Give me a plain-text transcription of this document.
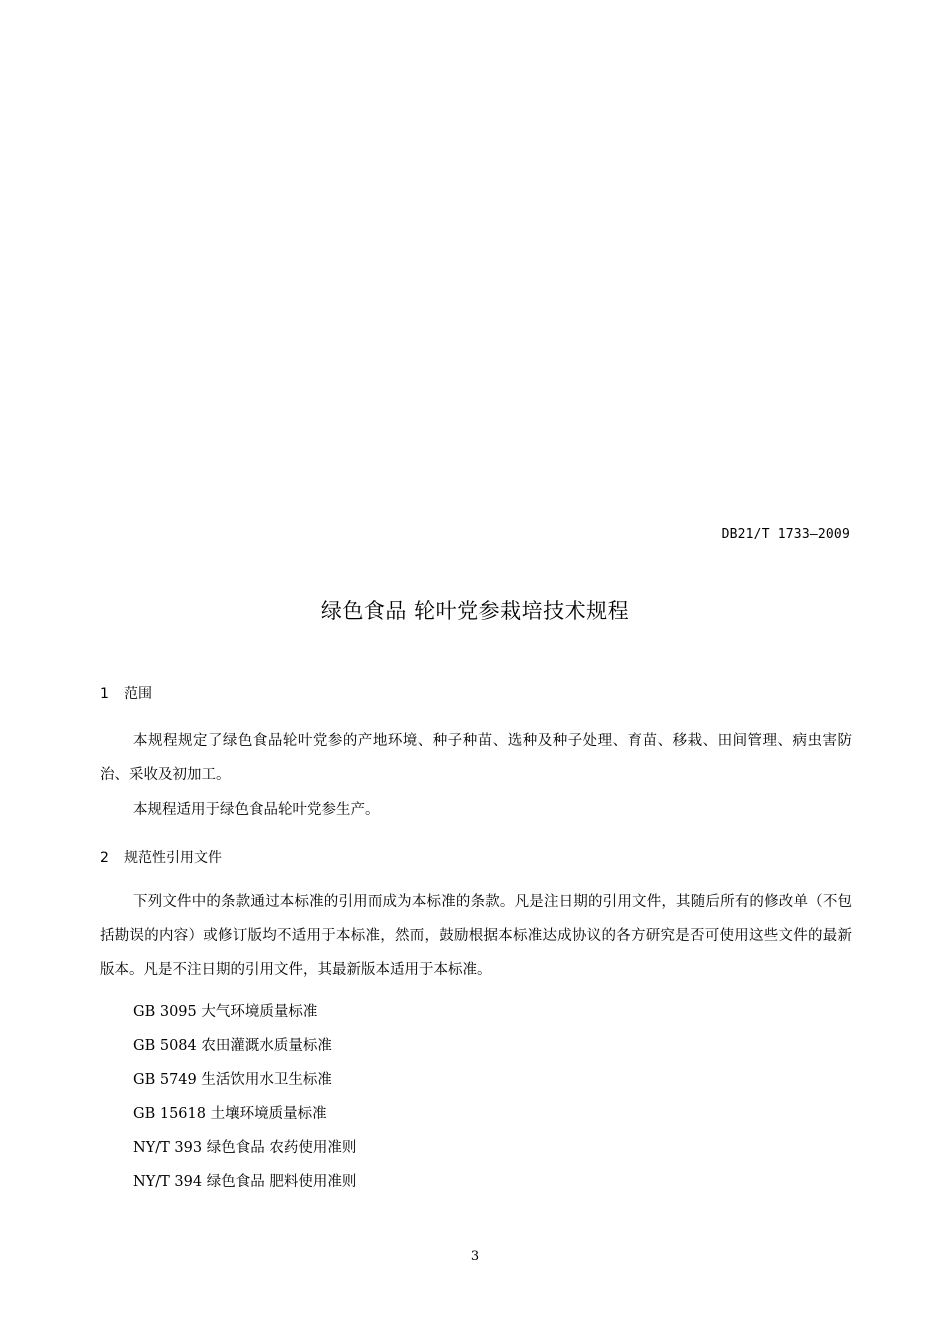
DB21/T 1733—2009
绿色食品 轮叶党参栽培技术规程
1 范围

本规程规定了绿色食品轮叶党参的产地环境、种子种苗、选种及种子处理、育苗、移栽、田间管理、病虫害防治、采收及初加工。

本规程适用于绿色食品轮叶党参生产。

2 规范性引用文件

下列文件中的条款通过本标准的引用而成为本标准的条款。凡是注日期的引用文件，其随后所有的修改单（不包括勘误的内容）或修订版均不适用于本标准，然而，鼓励根据本标准达成协议的各方研究是否可使用这些文件的最新版本。凡是不注日期的引用文件，其最新版本适用于本标准。

GB 3095 大气环境质量标准
GB 5084 农田灌溉水质量标准
GB 5749 生活饮用水卫生标准
GB 15618 土壤环境质量标准
NY/T 393 绿色食品 农药使用准则
NY/T 394 绿色食品 肥料使用准则
3
